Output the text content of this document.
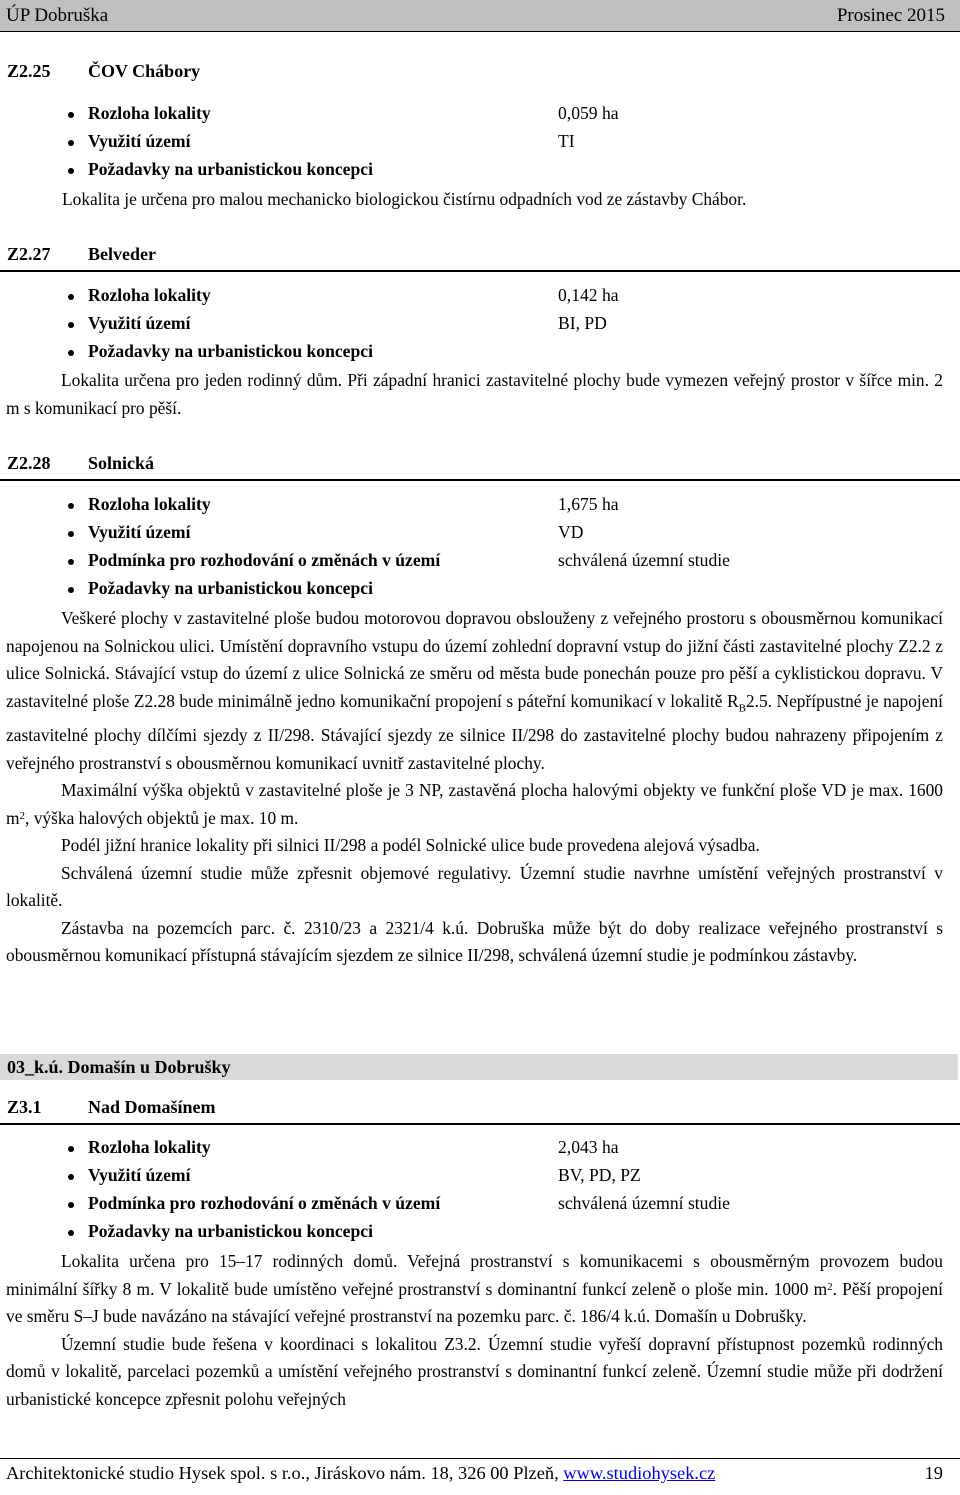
ÚP Dobruška	Prosinec 2015
Z2.25 ČOV Chábory
Rozloha lokality	0,059 ha
Využití území	TI
Požadavky na urbanistickou koncepci

Lokalita je určena pro malou mechanicko biologickou čistírnu odpadních vod ze zástavby Chábor.

Z2.27 Belveder
Rozloha lokality	0,142 ha
Využití území	BI, PD
Požadavky na urbanistickou koncepci

Lokalita určena pro jeden rodinný dům. Při západní hranici zastavitelné plochy bude vymezen veřejný prostor v šířce min. 2 m s komunikací pro pěší.

Z2.28 Solnická
Rozloha lokality	1,675 ha
Využití území	VD
Podmínka pro rozhodování o změnách v území	schválená územní studie
Požadavky na urbanistickou koncepci

Veškeré plochy v zastavitelné ploše budou motorovou dopravou obslouženy z veřejného prostoru s obousměrnou komunikací napojenou na Solnickou ulici. Umístění dopravního vstupu do území zohlední dopravní vstup do jižní části zastavitelné plochy Z2.2 z ulice Solnická. Stávající vstup do území z ulice Solnická ze směru od města bude ponechán pouze pro pěší a cyklistickou dopravu. V zastavitelné ploše Z2.28 bude minimálně jedno komunikační propojení s páteřní komunikací v lokalitě $R_B2.5$. Nepřípustné je napojení zastavitelné plochy dílčími sjezdy z II/298. Stávající sjezdy ze silnice II/298 do zastavitelné plochy budou nahrazeny připojením z veřejného prostranství s obousměrnou komunikací uvnitř zastavitelné plochy.

Maximální výška objektů v zastavitelné ploše je 3 NP, zastavěná plocha halovými objekty ve funkční ploše VD je max. 1600 $m^2$, výška halových objektů je max. 10 m.

Podél jižní hranice lokality při silnici II/298 a podél Solnické ulice bude provedena alejová výsadba.

Schválená územní studie může zpřesnit objemové regulativy. Územní studie navrhne umístění veřejných prostranství v lokalitě.

Zástavba na pozemcích parc. č. 2310/23 a 2321/4 k.ú. Dobruška může být do doby realizace veřejného prostranství s obousměrnou komunikací přístupná stávajícím sjezdem ze silnice II/298, schválená územní studie je podmínkou zástavby.

03_k.ú. Domašín u Dobrušky
Z3.1	Nad Domašínem
Rozloha lokality	2,043 ha
Využití území	BV, PD, PZ
Podmínka pro rozhodování o změnách v území	schválená územní studie
Požadavky na urbanistickou koncepci

Lokalita určena pro 15–17 rodinných domů. Veřejná prostranství s komunikacemi s obousměrným provozem budou minimální šířky 8 m. V lokalitě bude umístěno veřejné prostranství s dominantní funkcí zeleně o ploše min. 1000 $m^2$. Pěší propojení ve směru S–J bude navázáno na stávající veřejné prostranství na pozemku parc. č. 186/4 k.ú. Domašín u Dobrušky.

Územní studie bude řešena v koordinaci s lokalitou Z3.2. Územní studie vyřeší dopravní přístupnost pozemků rodinných domů v lokalitě, parcelaci pozemků a umístění veřejného prostranství s dominantní funkcí zeleně. Územní studie může při dodržení urbanistické koncepce zpřesnit polohu veřejných

Architektonické studio Hysek spol. s r.o., Jiráskovo nám. 18, 326 00 Plzeň, www.studiohysek.cz	19
